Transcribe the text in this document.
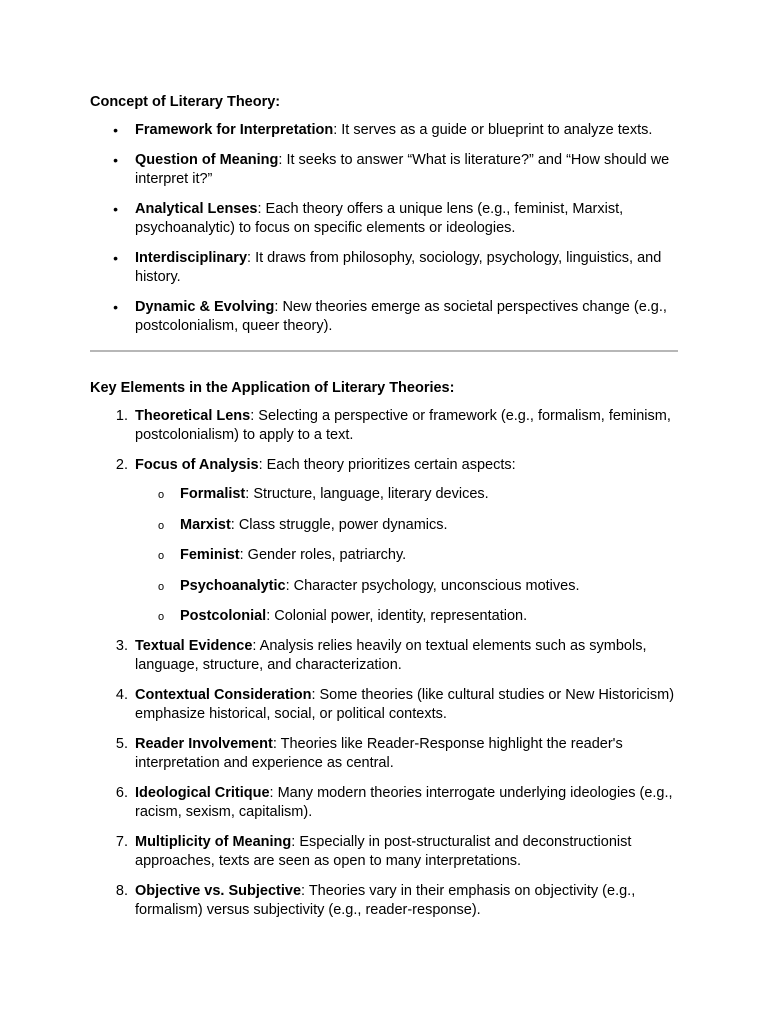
Concept of Literary Theory:

• Framework for Interpretation: It serves as a guide or blueprint to analyze texts.
• Question of Meaning: It seeks to answer “What is literature?” and “How should we interpret it?”
• Analytical Lenses: Each theory offers a unique lens (e.g., feminist, Marxist, psychoanalytic) to focus on specific elements or ideologies.
• Interdisciplinary: It draws from philosophy, sociology, psychology, linguistics, and history.
• Dynamic & Evolving: New theories emerge as societal perspectives change (e.g., postcolonialism, queer theory).

Key Elements in the Application of Literary Theories:

1. Theoretical Lens: Selecting a perspective or framework (e.g., formalism, feminism, postcolonialism) to apply to a text.
2. Focus of Analysis: Each theory prioritizes certain aspects:
o Formalist: Structure, language, literary devices.
o Marxist: Class struggle, power dynamics.
o Feminist: Gender roles, patriarchy.
o Psychoanalytic: Character psychology, unconscious motives.
o Postcolonial: Colonial power, identity, representation.
3. Textual Evidence: Analysis relies heavily on textual elements such as symbols, language, structure, and characterization.
4. Contextual Consideration: Some theories (like cultural studies or New Historicism) emphasize historical, social, or political contexts.
5. Reader Involvement: Theories like Reader-Response highlight the reader's interpretation and experience as central.
6. Ideological Critique: Many modern theories interrogate underlying ideologies (e.g., racism, sexism, capitalism).
7. Multiplicity of Meaning: Especially in post-structuralist and deconstructionist approaches, texts are seen as open to many interpretations.
8. Objective vs. Subjective: Theories vary in their emphasis on objectivity (e.g., formalism) versus subjectivity (e.g., reader-response).
